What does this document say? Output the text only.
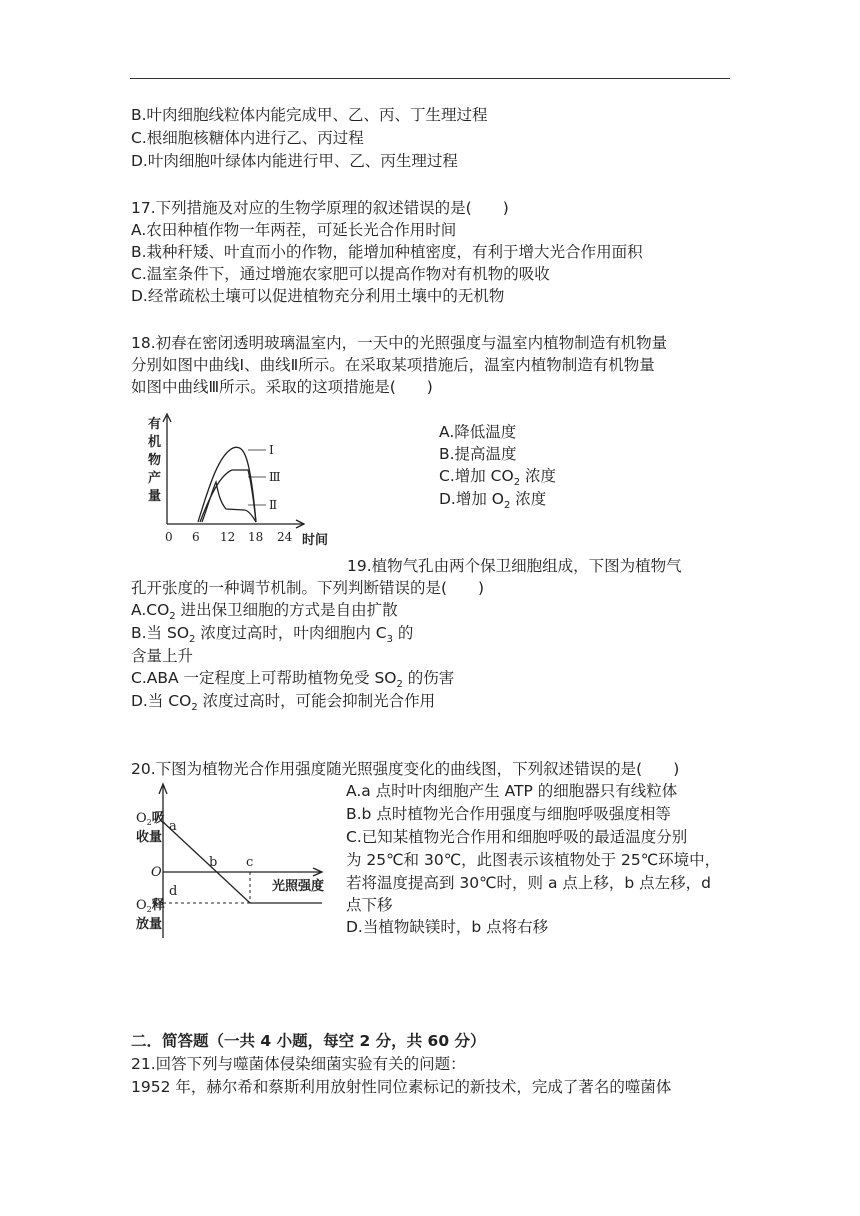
B.叶肉细胞线粒体内能完成甲、乙、丙、丁生理过程
C.根细胞核糖体内进行乙、丙过程
D.叶肉细胞叶绿体内能进行甲、乙、丙生理过程
17.下列措施及对应的生物学原理的叙述错误的是(　　)
A.农田种植作物一年两茬，可延长光合作用时间
B.栽种秆矮、叶直而小的作物，能增加种植密度，有利于增大光合作用面积
C.温室条件下，通过增施农家肥可以提高作物对有机物的吸收
D.经常疏松土壤可以促进植物充分利用土壤中的无机物
18.初春在密闭透明玻璃温室内，一天中的光照强度与温室内植物制造有机物量
分别如图中曲线Ⅰ、曲线Ⅱ所示。在采取某项措施后，温室内植物制造有机物量
如图中曲线Ⅲ所示。采取的这项措施是(　　)
有
机
物
产
量
Ⅰ
Ⅲ
Ⅱ
0 6 12 18 24 时间
A.降低温度
B.提高温度
C.增加 $CO_2$ 浓度
D.增加 $O_2$ 浓度
19.植物气孔由两个保卫细胞组成，下图为植物气
孔开张度的一种调节机制。下列判断错误的是(　　)
$A.CO_2$ 进出保卫细胞的方式是自由扩散
B.当 $SO_2$ 浓度过高时，叶肉细胞内 $C_3$ 的
含量上升
C.ABA 一定程度上可帮助植物免受 $SO_2$ 的伤害
D.当 $CO_2$ 浓度过高时，可能会抑制光合作用
20.下图为植物光合作用强度随光照强度变化的曲线图，下列叙述错误的是(　　)
$O_2$吸
收量
$O_2$释
放量
O
a
b c
d	光照强度
A.a 点时叶肉细胞产生 ATP 的细胞器只有线粒体
B.b 点时植物光合作用强度与细胞呼吸强度相等
C.已知某植物光合作用和细胞呼吸的最适温度分别
为 25℃和 30℃，此图表示该植物处于 25℃环境中，
若将温度提高到 30℃时，则 a 点上移，b 点左移，d
点下移
D.当植物缺镁时，b 点将右移
二．简答题（一共 4 小题，每空 2 分，共 60 分）
21.回答下列与噬菌体侵染细菌实验有关的问题：
1952 年，赫尔希和蔡斯利用放射性同位素标记的新技术，完成了著名的噬菌体
